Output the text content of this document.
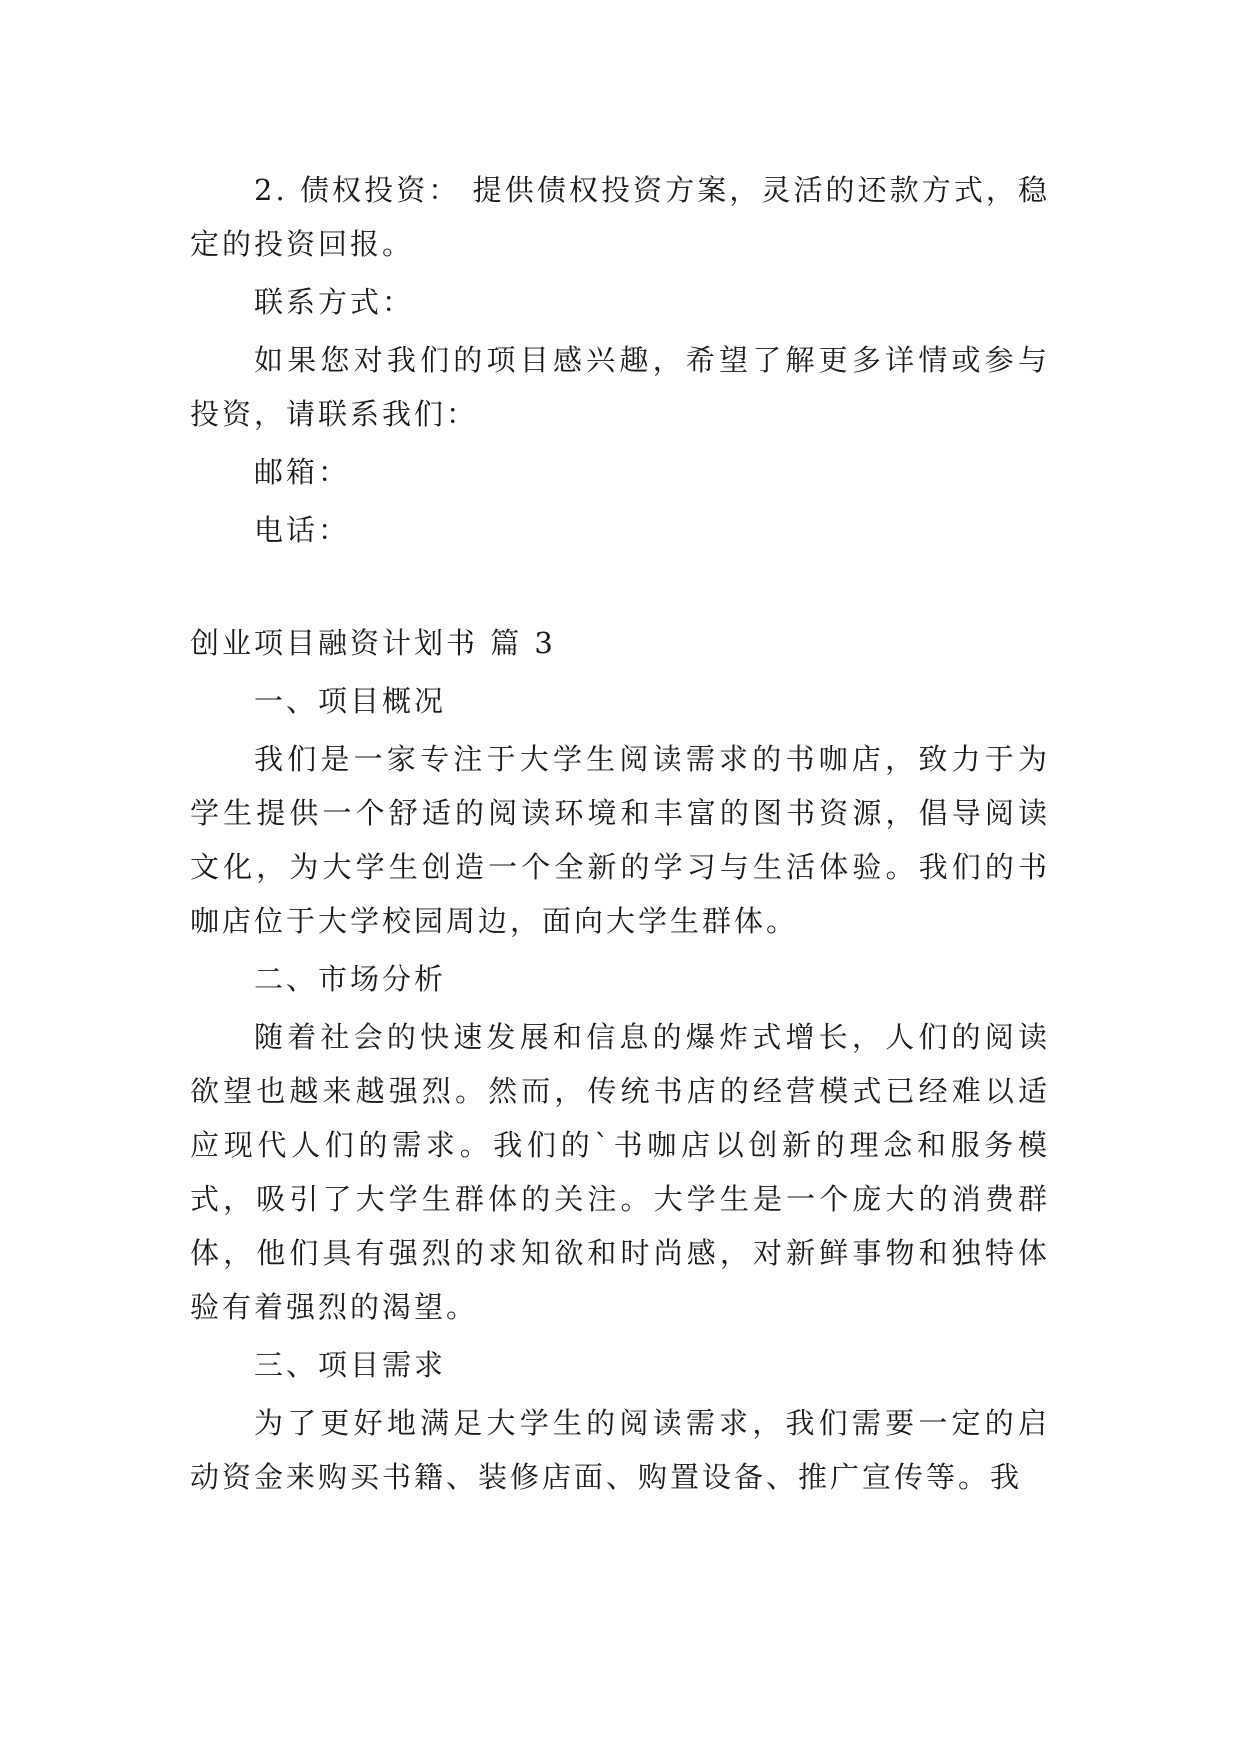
2. 债权投资： 提供债权投资方案，灵活的还款方式，稳定的投资回报。

联系方式：

如果您对我们的项目感兴趣，希望了解更多详情或参与投资，请联系我们：

邮箱：

电话：

创业项目融资计划书 篇 3

一、项目概况

我们是一家专注于大学生阅读需求的书咖店，致力于为学生提供一个舒适的阅读环境和丰富的图书资源，倡导阅读文化，为大学生创造一个全新的学习与生活体验。我们的书咖店位于大学校园周边，面向大学生群体。

二、市场分析

随着社会的快速发展和信息的爆炸式增长，人们的阅读欲望也越来越强烈。然而，传统书店的经营模式已经难以适应现代人们的需求。我们的`书咖店以创新的理念和服务模式，吸引了大学生群体的关注。大学生是一个庞大的消费群体，他们具有强烈的求知欲和时尚感，对新鲜事物和独特体验有着强烈的渴望。

三、项目需求

为了更好地满足大学生的阅读需求，我们需要一定的启动资金来购买书籍、装修店面、购置设备、推广宣传等。我
